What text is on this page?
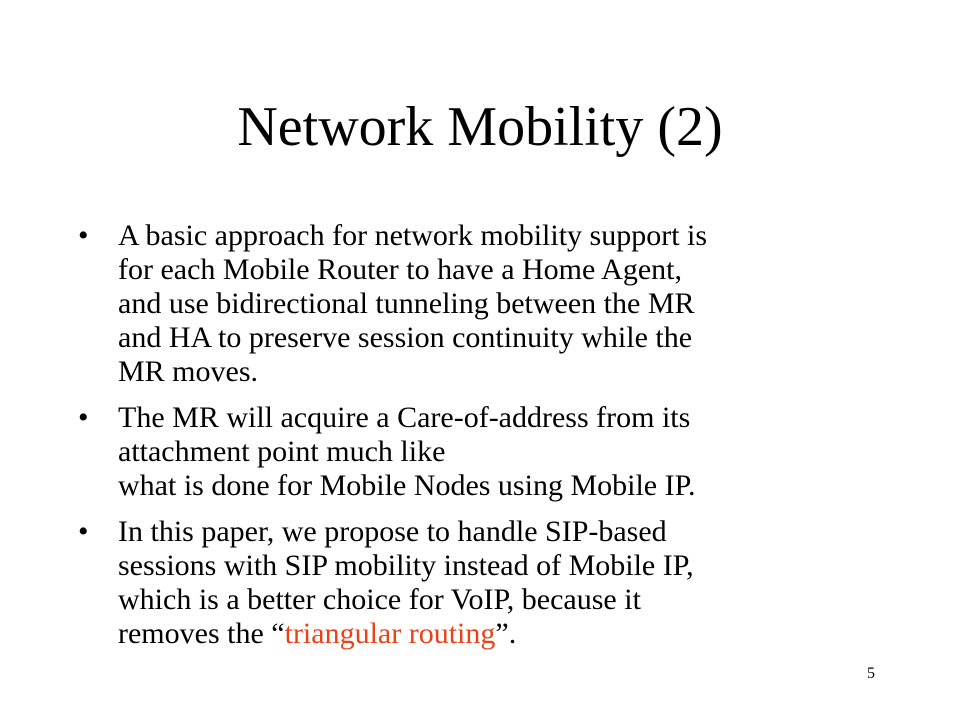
Network Mobility (2)
• A basic approach for network mobility support is
for each Mobile Router to have a Home Agent,
and use bidirectional tunneling between the MR
and HA to preserve session continuity while the
MR moves.
• The MR will acquire a Care-of-address from its
attachment point much like
what is done for Mobile Nodes using Mobile IP.
• In this paper, we propose to handle SIP-based
sessions with SIP mobility instead of Mobile IP,
which is a better choice for VoIP, because it
removes the “triangular routing”.
5
